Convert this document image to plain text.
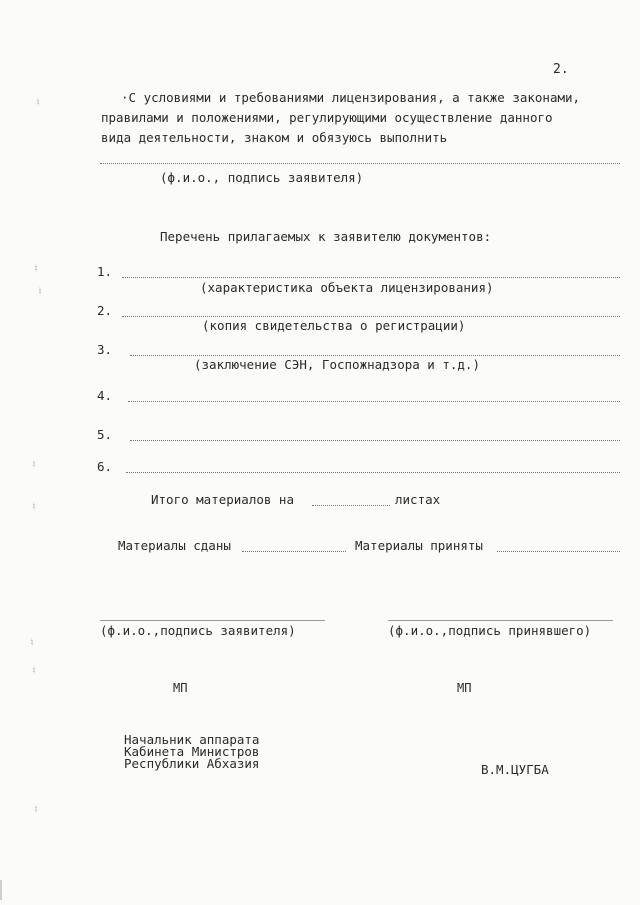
♮
♮
♮
♮
♮
♮
♮
♮
2.
·С условиями и требованиями лицензирования, а также законами,
правилами и положениями, регулирующими осуществление данного
вида деятельности, знаком и обязуюсь выполнить
(ф.и.о., подпись заявителя)
Перечень прилагаемых к заявителю документов:
1.
(характеристика объекта лицензирования)
2.
(копия свидетельства о регистрации)
3.
(заключение СЭН, Госпожнадзора и т.д.)
4.
5.
6.
Итого материалов на	листах
Материалы сданы	Материалы приняты
(ф.и.о.,подпись заявителя)	(ф.и.о.,подпись принявшего)
МП	МП
Начальник аппарата
Кабинета Министров
Республики Абхазия	В.М.ЦУГБА
